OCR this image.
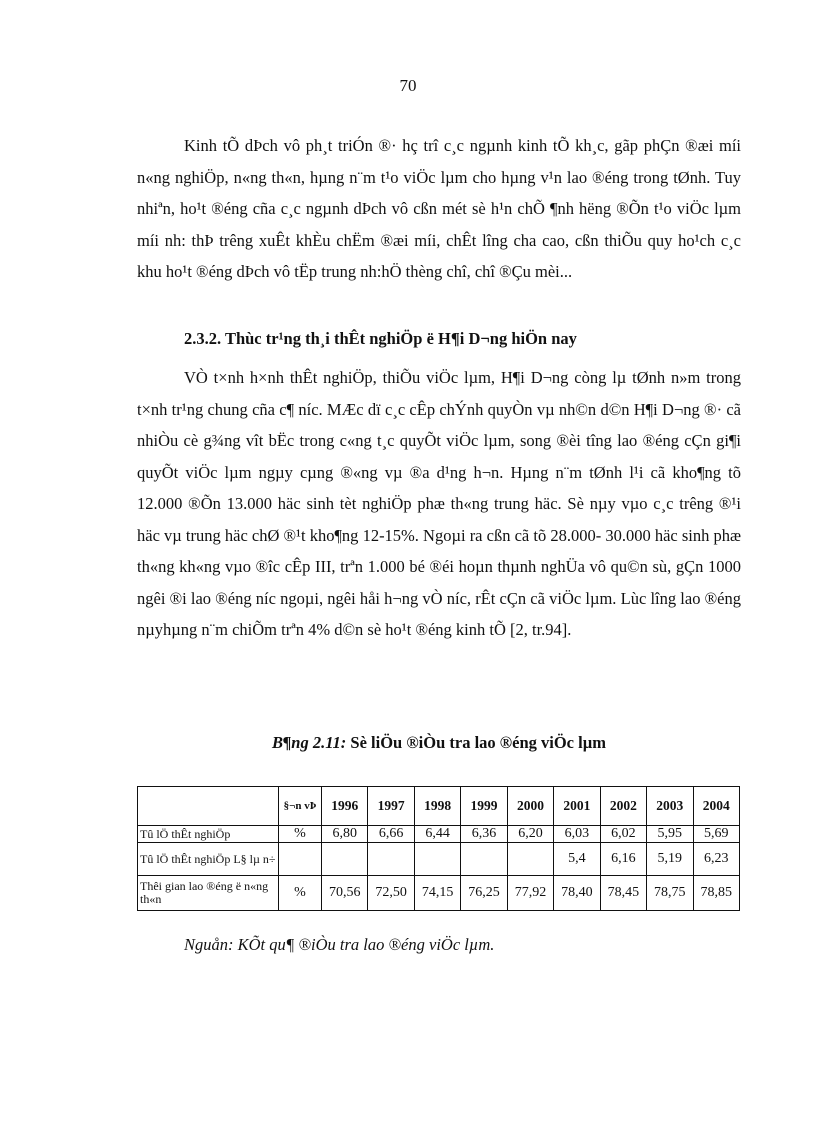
70

Kinh tÕ dÞch vô ph¸t triÓn ®· hç trî c¸c ngµnh kinh tÕ kh¸c, gãp phÇn ®æi míi n«ng nghiÖp, n«ng th«n, hµng n¨m t¹o viÖc lµm cho hµng v¹n lao ®éng trong tØnh. Tuy nhiªn, ho¹t ®éng cña c¸c ngµnh dÞch vô cßn mét sè h¹n chÕ ¶nh hëng ®Õn t¹o viÖc lµm míi nh: thÞ trêng xuÊt khÈu chËm ®æi míi, chÊt lîng cha cao, cßn thiÕu quy ho¹ch c¸c khu ho¹t ®éng dÞch vô tËp trung nh:hÖ thèng chî, chî ®Çu mèi...

2.3.2. Thùc tr¹ng th¸i thÊt nghiÖp ë H¶i D¬ng hiÖn nay

VÒ t×nh h×nh thÊt nghiÖp, thiÕu viÖc lµm, H¶i D¬ng còng lµ tØnh n»m trong t×nh tr¹ng chung cña c¶ níc. MÆc dï c¸c cÊp chÝnh quyÒn vµ nh©n d©n H¶i D¬ng ®· cã nhiÒu cè g¾ng vît bËc trong c«ng t¸c quyÕt viÖc lµm, song ®èi tîng lao ®éng cÇn gi¶i quyÕt viÖc lµm ngµy cµng ®«ng vµ ®a d¹ng h¬n. Hµng n¨m tØnh l¹i cã kho¶ng tõ 12.000 ®Õn 13.000 häc sinh tèt nghiÖp phæ th«ng trung häc. Sè nµy vµo c¸c trêng ®¹i häc vµ trung häc chØ ®¹t kho¶ng 12-15%. Ngoµi ra cßn cã tõ 28.000- 30.000 häc sinh phæ th«ng kh«ng vµo ®îc cÊp III, trªn 1.000 bé ®éi hoµn thµnh nghÜa vô qu©n sù, gÇn 1000 ngêi ®i lao ®éng níc ngoµi, ngêi håi h¬ng vÒ níc, rÊt cÇn cã viÖc lµm. Lùc lîng lao ®éng nµyhµng n¨m chiÕm trªn 4% d©n sè ho¹t ®éng kinh tÕ [2, tr.94].

B¶ng 2.11: Sè liÖu ®iÒu tra lao ®éng viÖc lµm
	§¬n vÞ	1996	1997	1998	1999	2000	2001	2002	2003	2004
Tû lÖ thÊt nghiÖp	%	6,80	6,66	6,44	6,36	6,20	6,03	6,02	5,95	5,69
Tû lÖ thÊt nghiÖp L§ lµ n÷							5,4	6,16	5,19	6,23
Thêi gian lao ®éng ë n«ng th«n	%	70,56	72,50	74,15	76,25	77,92	78,40	78,45	78,75	78,85
Nguån: KÕt qu¶ ®iÒu tra lao ®éng viÖc lµm.
